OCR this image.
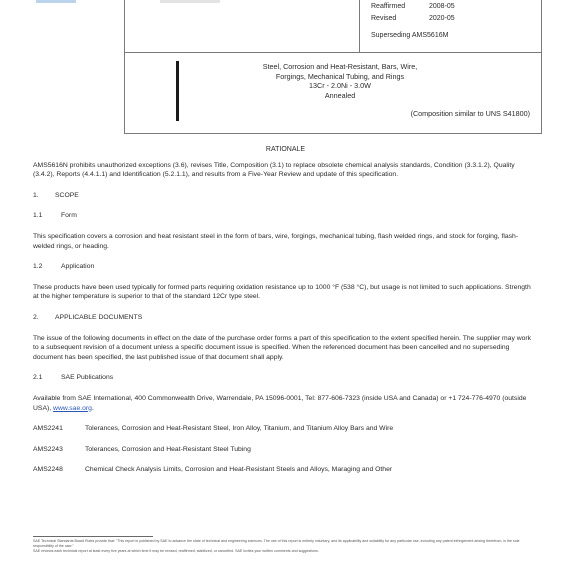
Reaffirmed	2008-05
Revised	2020-05
Superseding AMS5616M
Steel, Corrosion and Heat-Resistant, Bars, Wire,
Forgings, Mechanical Tubing, and Rings
13Cr - 2.0Ni - 3.0W
Annealed
(Composition similar to UNS S41800)
RATIONALE

AMS5616N prohibits unauthorized exceptions (3.6), revises Title, Composition (3.1) to replace obsolete chemical analysis standards, Condition (3.3.1.2), Quality (3.4.2), Reports (4.4.1.1) and Identification (5.2.1.1), and results from a Five-Year Review and update of this specification.

1. SCOPE
1.1	Form

This specification covers a corrosion and heat resistant steel in the form of bars, wire, forgings, mechanical tubing, flash welded rings, and stock for forging, flash-welded rings, or heading.

1.2	Application

These products have been used typically for formed parts requiring oxidation resistance up to 1000 °F (538 °C), but usage is not limited to such applications. Strength at the higher temperature is superior to that of the standard 12Cr type steel.

2. APPLICABLE DOCUMENTS

The issue of the following documents in effect on the date of the purchase order forms a part of this specification to the extent specified herein. The supplier may work to a subsequent revision of a document unless a specific document issue is specified. When the referenced document has been cancelled and no superseding document has been specified, the last published issue of that document shall apply.

2.1	SAE Publications

Available from SAE International, 400 Commonwealth Drive, Warrendale, PA 15096-0001, Tel: 877-606-7323 (inside USA and Canada) or +1 724-776-4970 (outside USA), www.sae.org.

AMS2241	Tolerances, Corrosion and Heat-Resistant Steel, Iron Alloy, Titanium, and Titanium Alloy Bars and Wire
AMS2243	Tolerances, Corrosion and Heat-Resistant Steel Tubing
AMS2248	Chemical Check Analysis Limits, Corrosion and Heat-Resistant Steels and Alloys, Maraging and Other
SAE Technical Standards Board Rules provide that: "This report is published by SAE to advance the state of technical and engineering sciences. The use of this report is entirely voluntary, and its applicability and suitability for any particular use, including any patent infringement arising therefrom, is the sole responsibility of the user."
SAE reviews each technical report at least every five years at which time it may be revised, reaffirmed, stabilized, or cancelled. SAE invites your written comments and suggestions.
